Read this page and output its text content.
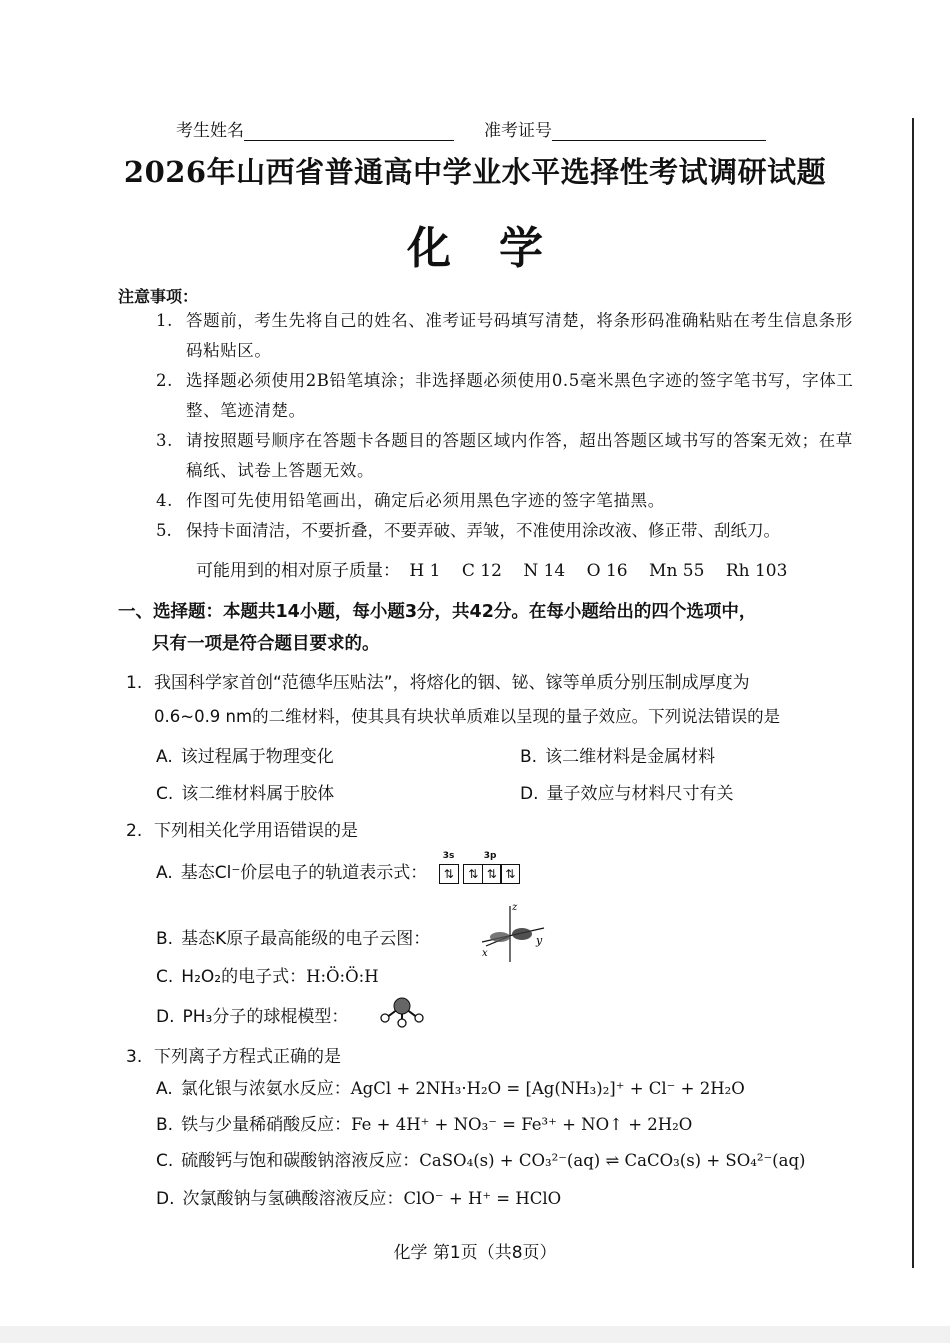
考生姓名	准考证号
2026年山西省普通高中学业水平选择性考试调研试题
化学
注意事项：
1. 答题前，考生先将自己的姓名、准考证号码填写清楚，将条形码准确粘贴在考生信息条形码粘贴区。
2. 选择题必须使用2B铅笔填涂；非选择题必须使用0.5毫米黑色字迹的签字笔书写，字体工整、笔迹清楚。
3. 请按照题号顺序在答题卡各题目的答题区域内作答，超出答题区域书写的答案无效；在草稿纸、试卷上答题无效。
4. 作图可先使用铅笔画出，确定后必须用黑色字迹的签字笔描黑。
5. 保持卡面清洁，不要折叠，不要弄破、弄皱，不准使用涂改液、修正带、刮纸刀。
可能用到的相对原子质量： H 1 C 12 N 14 O 16 Mn 55 Rh 103
一、选择题：本题共14小题，每小题3分，共42分。在每小题给出的四个选项中，
只有一项是符合题目要求的。
1. 我国科学家首创“范德华压贴法”，将熔化的铟、铋、镓等单质分别压制成厚度为
0.6~0.9 nm的二维材料，使其具有块状单质难以呈现的量子效应。下列说法错误的是
A. 该过程属于物理变化	B. 该二维材料是金属材料
C. 该二维材料属于胶体	D. 量子效应与材料尺寸有关
2. 下列相关化学用语错误的是
A. 基态Cl⁻价层电子的轨道表示式：
3s	3p
⇅ ⇅ ⇅ ⇅
B. 基态K原子最高能级的电子云图：
z
y
x
C. H₂O₂的电子式：H:Ö:Ö:H
D. PH₃分子的球棍模型：
3. 下列离子方程式正确的是
A. 氯化银与浓氨水反应：AgCl + 2NH₃·H₂O = [Ag(NH₃)₂]⁺ + Cl⁻ + 2H₂O
B. 铁与少量稀硝酸反应：Fe + 4H⁺ + NO₃⁻ = Fe³⁺ + NO↑ + 2H₂O
C. 硫酸钙与饱和碳酸钠溶液反应：CaSO₄(s) + CO₃²⁻(aq) ⇌ CaCO₃(s) + SO₄²⁻(aq)
D. 次氯酸钠与氢碘酸溶液反应：ClO⁻ + H⁺ = HClO
化学 第1页（共8页）
